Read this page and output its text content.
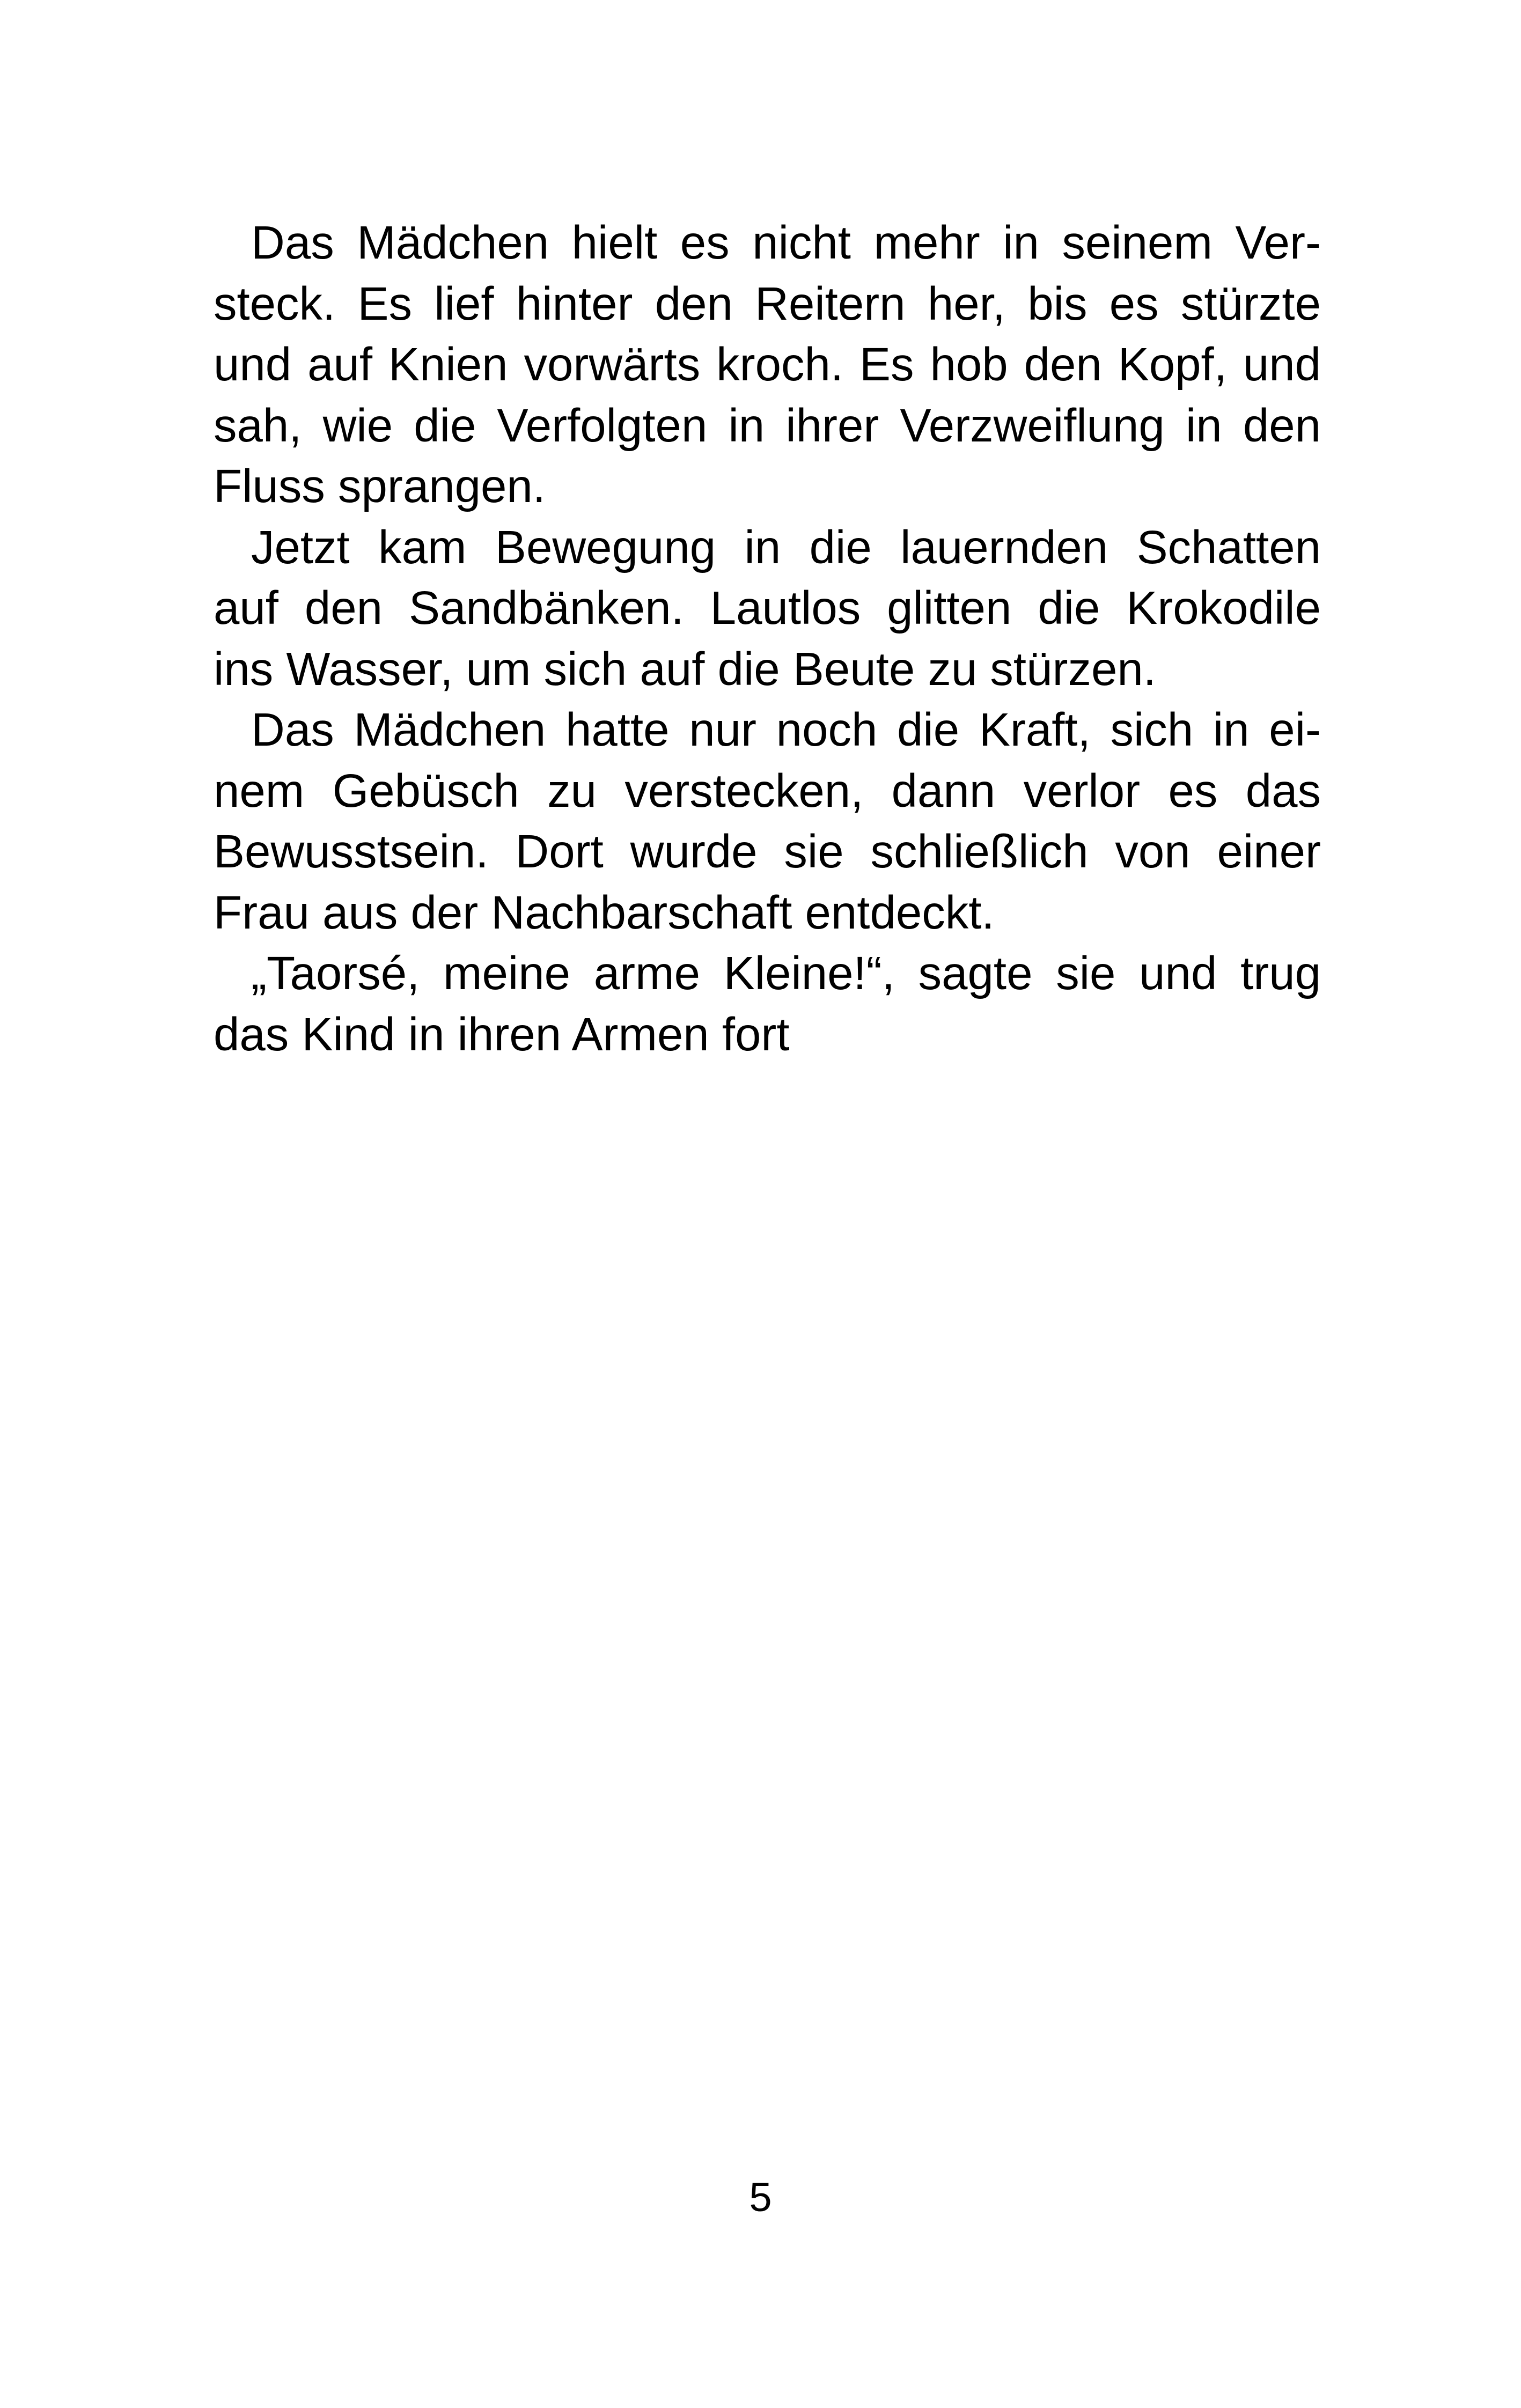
Das Mädchen hielt es nicht mehr in seinem Ver-
steck. Es lief hinter den Reitern her, bis es stürzte
und auf Knien vorwärts kroch. Es hob den Kopf, und
sah, wie die Verfolgten in ihrer Verzweiflung in den
Fluss sprangen.
Jetzt kam Bewegung in die lauernden Schatten
auf den Sandbänken. Lautlos glitten die Krokodile
ins Wasser, um sich auf die Beute zu stürzen.
Das Mädchen hatte nur noch die Kraft, sich in ei-
nem Gebüsch zu verstecken, dann verlor es das
Bewusstsein. Dort wurde sie schließlich von einer
Frau aus der Nachbarschaft entdeckt.
„Taorsé, meine arme Kleine!“, sagte sie und trug
das Kind in ihren Armen fort
5
